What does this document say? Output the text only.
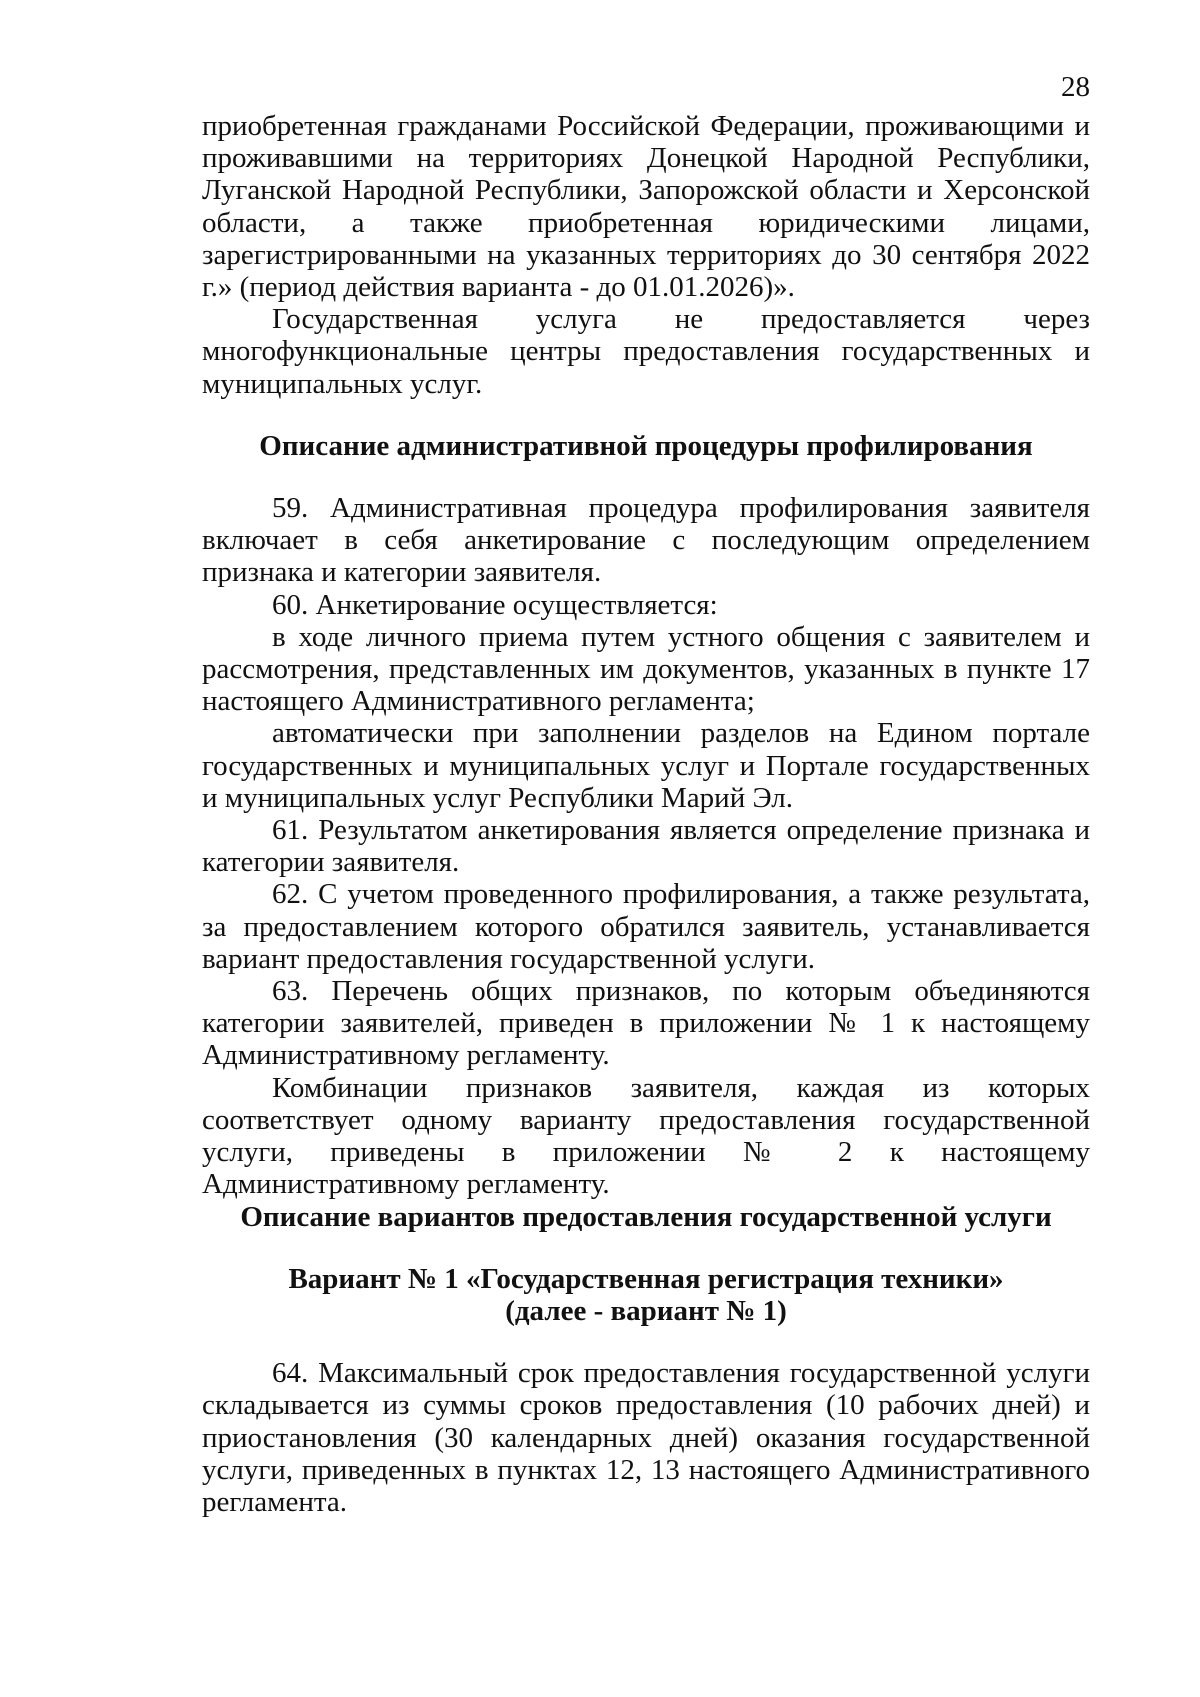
28

приобретенная гражданами Российской Федерации, проживающими и проживавшими на территориях Донецкой Народной Республики, Луганской Народной Республики, Запорожской области и Херсонской области, а также приобретенная юридическими лицами, зарегистрированными на указанных территориях до 30 сентября 2022 г.» (период действия варианта - до 01.01.2026)».

Государственная услуга не предоставляется через многофункциональные центры предоставления государственных и муниципальных услуг.

Описание административной процедуры профилирования

59. Административная процедура профилирования заявителя включает в себя анкетирование с последующим определением признака и категории заявителя.

60. Анкетирование осуществляется:

в ходе личного приема путем устного общения с заявителем и рассмотрения, представленных им документов, указанных в пункте 17 настоящего Административного регламента;

автоматически при заполнении разделов на Едином портале государственных и муниципальных услуг и Портале государственных и муниципальных услуг Республики Марий Эл.

61. Результатом анкетирования является определение признака и категории заявителя.

62. С учетом проведенного профилирования, а также результата, за предоставлением которого обратился заявитель, устанавливается вариант предоставления государственной услуги.

63. Перечень общих признаков, по которым объединяются категории заявителей, приведен в приложении № 1 к настоящему Административному регламенту.

Комбинации признаков заявителя, каждая из которых соответствует одному варианту предоставления государственной услуги, приведены в приложении № 2 к настоящему Административному регламенту.

Описание вариантов предоставления государственной услуги
Вариант № 1 «Государственная регистрация техники»
(далее - вариант № 1)

64. Максимальный срок предоставления государственной услуги складывается из суммы сроков предоставления (10 рабочих дней) и приостановления (30 календарных дней) оказания государственной услуги, приведенных в пунктах 12, 13 настоящего Административного регламента.
